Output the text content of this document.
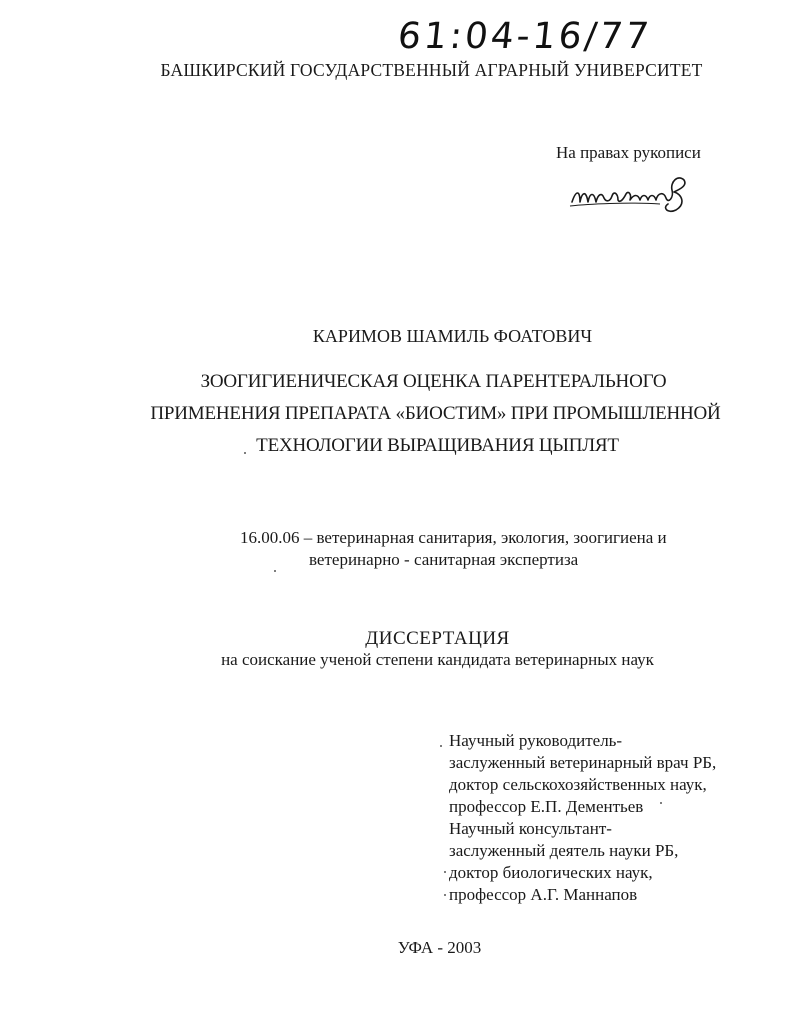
61:04-16/77
БАШКИРСКИЙ ГОСУДАРСТВЕННЫЙ АГРАРНЫЙ УНИВЕРСИТЕТ
На правах рукописи
КАРИМОВ ШАМИЛЬ ФОАТОВИЧ
ЗООГИГИЕНИЧЕСКАЯ ОЦЕНКА ПАРЕНТЕРАЛЬНОГО
ПРИМЕНЕНИЯ ПРЕПАРАТА «БИОСТИМ» ПРИ ПРОМЫШЛЕННОЙ
ТЕХНОЛОГИИ ВЫРАЩИВАНИЯ ЦЫПЛЯТ
16.00.06 – ветеринарная санитария, экология, зоогигиена и
ветеринарно - санитарная экспертиза
ДИССЕРТАЦИЯ
на соискание ученой степени кандидата ветеринарных наук
Научный руководитель-
заслуженный ветеринарный врач РБ,
доктор сельскохозяйственных наук,
профессор Е.П. Дементьев
Научный консультант-
заслуженный деятель науки РБ,
доктор биологических наук,
профессор А.Г. Маннапов
УФА - 2003
